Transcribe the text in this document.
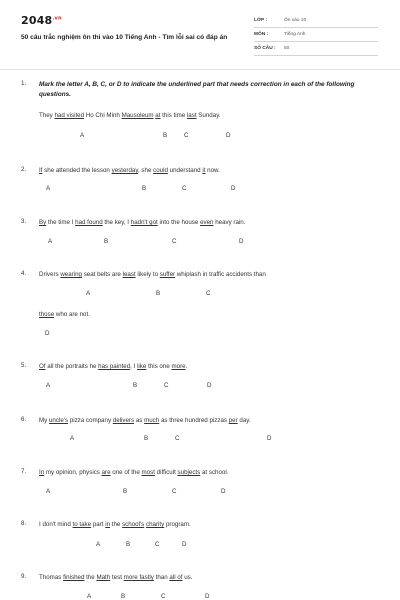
$2048^{.vn}$
50 câu trắc nghiệm ôn thi vào 10 Tiếng Anh - Tìm lỗi sai có đáp án
LỚP :	Ôn vào 10
MÔN :	Tiếng Anh
SỐ CÂU : 50
1. Mark the letter A, B, C, or D to indicate the underlined part that needs correction in each of the following questions.
They had visited Ho Chi Minh Mausoleum at this time last Sunday.
A	B	C	D
2. If she attended the lesson yesterday, she could understand it now.
A	B	C	D
3. By the time I had found the key, I hadn't got into the house even heavy rain.
A	B	C	D
4. Drivers wearing seat belts are least likely to suffer whiplash in traffic accidents than
those who are not.
A	B	C
D
5. Of all the portraits he has painted, I like this one more.
A	B	C	D
6. My uncle's pizza company delivers as much as three hundred pizzas per day.
A	B	C	D
7. In my opinion, physics are one of the most difficult subjects at school.
A	B	C	D
8. I don't mind to take part in the school's charity program.
A	B	C	D
9. Thomas finished the Math test more fastly than all of us.
A	B	C	D
